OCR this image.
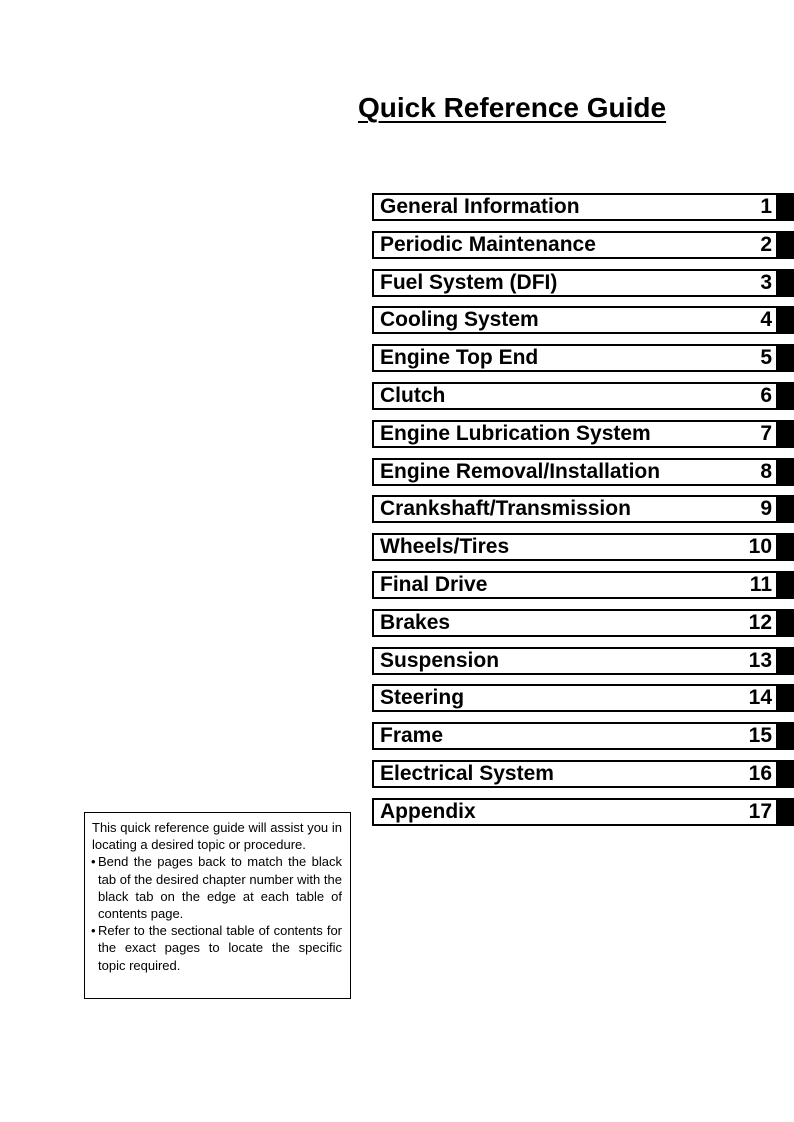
Quick Reference Guide
General Information	1
Periodic Maintenance	2
Fuel System (DFI)	3
Cooling System	4
Engine Top End	5
Clutch	6
Engine Lubrication System	7
Engine Removal/Installation	8
Crankshaft/Transmission	9
Wheels/Tires	10
Final Drive	11
Brakes	12
Suspension	13
Steering	14
Frame	15
Electrical System	16
Appendix	17
This quick reference guide will assist you in locating a desired topic or procedure.
• Bend the pages back to match the black tab of the desired chapter number with the black tab on the edge at each table of contents page.
• Refer to the sectional table of contents for the exact pages to locate the specific topic required.
